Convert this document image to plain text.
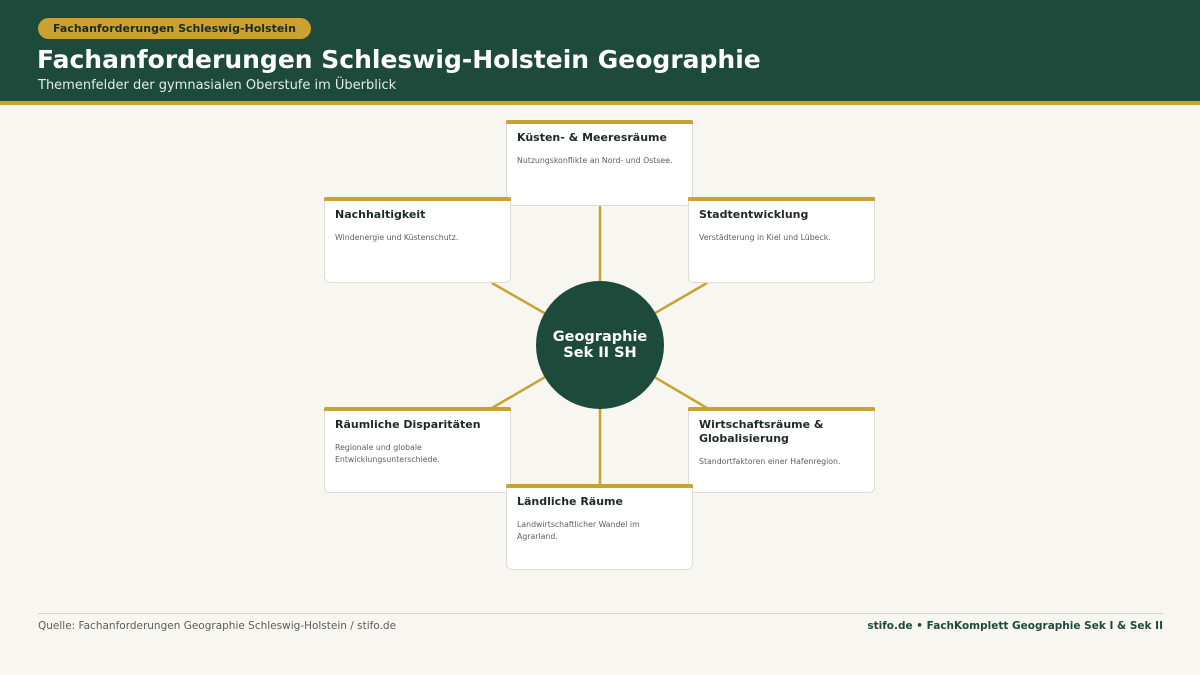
Fachanforderungen Schleswig-Holstein
Fachanforderungen Schleswig-Holstein Geographie
Themenfelder der gymnasialen Oberstufe im Überblick
Geographie Sek II SH
Küsten- & Meeresräume
Nutzungskonflikte an Nord- und Ostsee.
Stadtentwicklung
Verstädterung in Kiel und Lübeck.
Wirtschaftsräume & Globalisierung
Standortfaktoren einer Hafenregion.
Räumliche Disparitäten
Regionale und globale Entwicklungsunterschiede.
Ländliche Räume
Landwirtschaftlicher Wandel im Agrarland.
Nachhaltigkeit
Windenergie und Küstenschutz.
Quelle: Fachanforderungen Geographie Schleswig-Holstein / stifo.de	stifo.de • FachKomplett Geographie Sek I & Sek II
